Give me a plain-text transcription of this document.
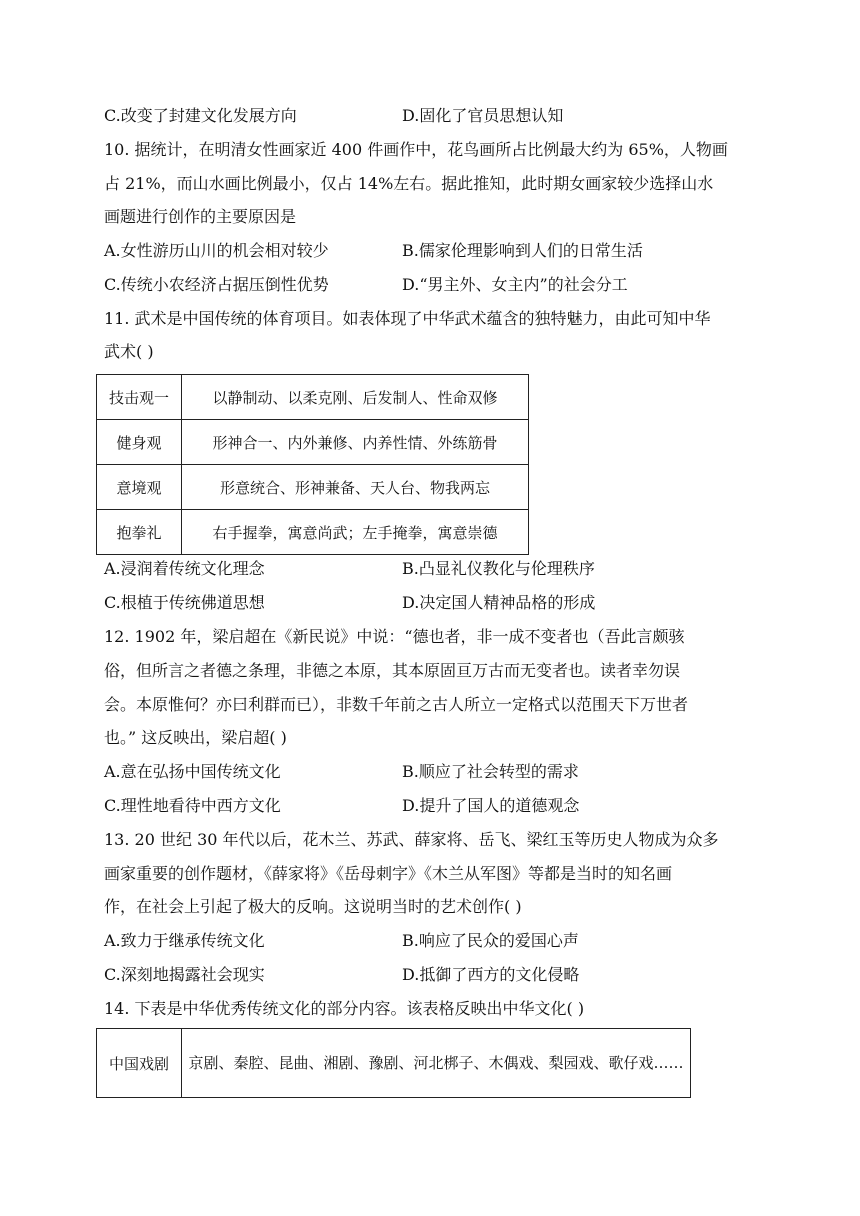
C.改变了封建文化发展方向	D.固化了官员思想认知
10. 据统计，在明清女性画家近 400 件画作中，花鸟画所占比例最大约为 65%，人物画
占 21%，而山水画比例最小，仅占 14%左右。据此推知，此时期女画家较少选择山水
画题进行创作的主要原因是
A.女性游历山川的机会相对较少	B.儒家伦理影响到人们的日常生活
C.传统小农经济占据压倒性优势	D.“男主外、女主内”的社会分工
11. 武术是中国传统的体育项目。如表体现了中华武术蕴含的独特魅力，由此可知中华
武术( )
技击观一	以静制动、以柔克刚、后发制人、性命双修
健身观	形神合一、内外兼修、内养性情、外练筋骨
意境观	形意统合、形神兼备、天人台、物我两忘
抱拳礼	右手握拳，寓意尚武；左手掩拳，寓意崇德
A.浸润着传统文化理念	B.凸显礼仪教化与伦理秩序
C.根植于传统佛道思想	D.决定国人精神品格的形成
12. 1902 年，梁启超在《新民说》中说：“德也者，非一成不变者也（吾此言颇骇
俗，但所言之者德之条理，非德之本原，其本原固亘万古而无变者也。读者幸勿误
会。本原惟何？亦曰利群而已），非数千年前之古人所立一定格式以范围天下万世者
也。” 这反映出，梁启超( )
A.意在弘扬中国传统文化	B.顺应了社会转型的需求
C.理性地看待中西方文化	D.提升了国人的道德观念
13. 20 世纪 30 年代以后，花木兰、苏武、薛家将、岳飞、梁红玉等历史人物成为众多
画家重要的创作题材，《薛家将》《岳母刺字》《木兰从军图》等都是当时的知名画
作，在社会上引起了极大的反响。这说明当时的艺术创作( )
A.致力于继承传统文化	B.响应了民众的爱国心声
C.深刻地揭露社会现实	D.抵御了西方的文化侵略
14. 下表是中华优秀传统文化的部分内容。该表格反映出中华文化( )
中国戏剧	京剧、秦腔、昆曲、湘剧、豫剧、河北梆子、木偶戏、梨园戏、歌仔戏……
